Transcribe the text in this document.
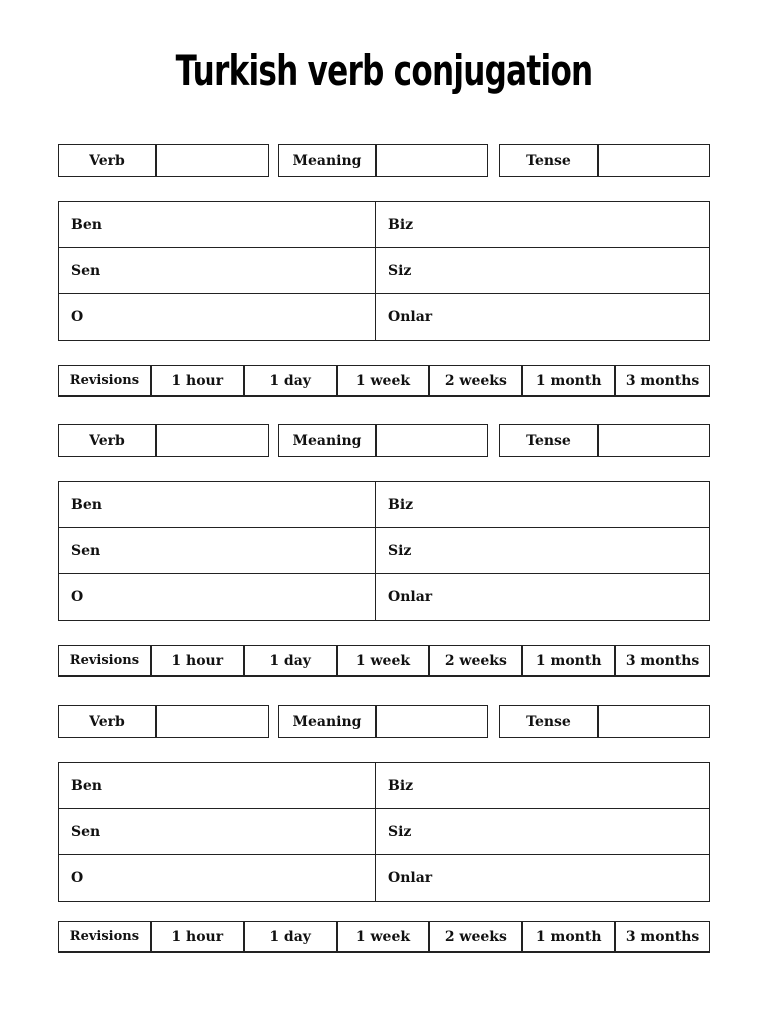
Turkish verb conjugation
Verb	Meaning	Tense
Ben	Biz
Sen	Siz
O	Onlar
Revisions	1 hour	1 day	1 week	2 weeks	1 month	3 months
Verb	Meaning	Tense
Ben	Biz
Sen	Siz
O	Onlar
Revisions	1 hour	1 day	1 week	2 weeks	1 month	3 months
Verb	Meaning	Tense
Ben	Biz
Sen	Siz
O	Onlar
Revisions	1 hour	1 day	1 week	2 weeks	1 month	3 months
